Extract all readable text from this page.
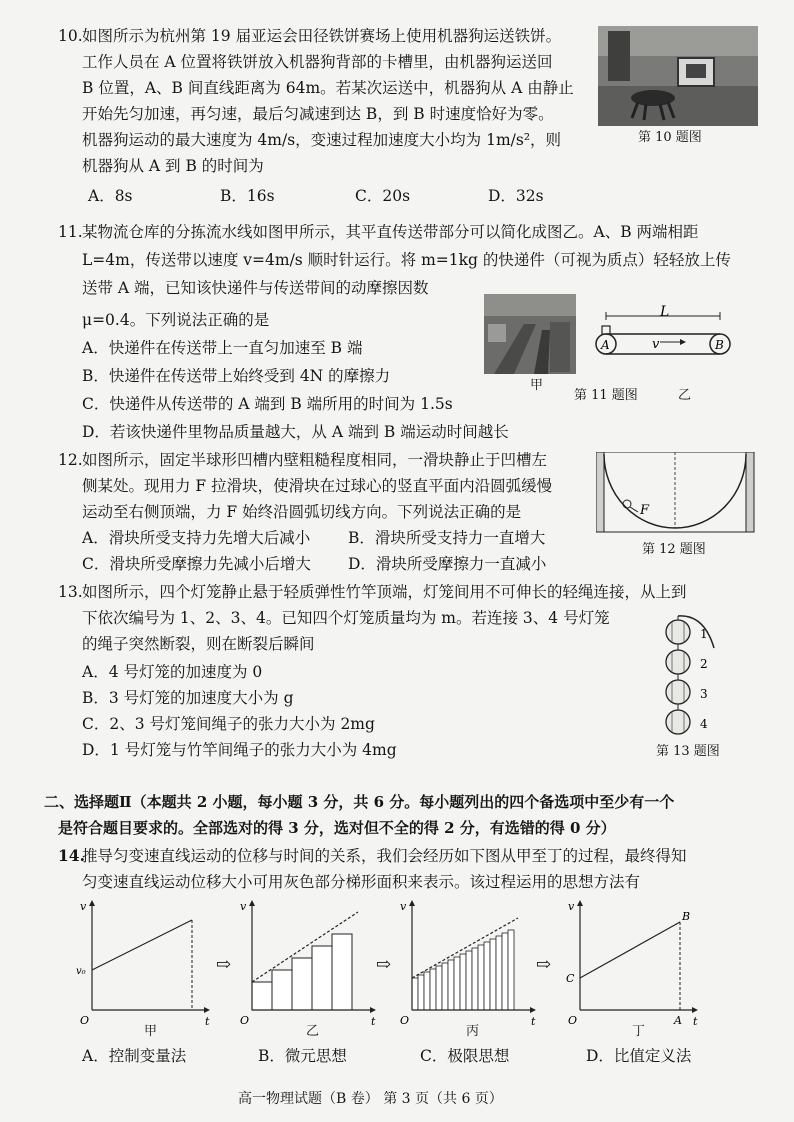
10. 如图所示为杭州第 19 届亚运会田径铁饼赛场上使用机器狗运送铁饼。
工作人员在 A 位置将铁饼放入机器狗背部的卡槽里，由机器狗运送回
B 位置，A、B 间直线距离为 64m。若某次运送中，机器狗从 A 由静止
开始先匀加速，再匀速，最后匀减速到达 B，到 B 时速度恰好为零。
机器狗运动的最大速度为 4m/s，变速过程加速度大小均为 1m/s²，则
机器狗从 A 到 B 的时间为
第 10 题图
A．8s	B．16s	C．20s	D．32s
11. 某物流仓库的分拣流水线如图甲所示，其平直传送带部分可以简化成图乙。A、B 两端相距
L=4m，传送带以速度 v=4m/s 顺时针运行。将 m=1kg 的快递件（可视为质点）轻轻放上传
送带 A 端，已知该快递件与传送带间的动摩擦因数
μ=0.4。下列说法正确的是
A．快递件在传送带上一直匀加速至 B 端
B．快递件在传送带上始终受到 4N 的摩擦力
C．快递件从传送带的 A 端到 B 端所用的时间为 1.5s
D．若该快递件里物品质量越大，从 A 端到 B 端运动时间越长
甲
第 11 题图	乙
L
A	B
v
12. 如图所示，固定半球形凹槽内壁粗糙程度相同，一滑块静止于凹槽左
侧某处。现用力 F 拉滑块，使滑块在过球心的竖直平面内沿圆弧缓慢
运动至右侧顶端，力 F 始终沿圆弧切线方向。下列说法正确的是
A．滑块所受支持力先增大后减小 B．滑块所受支持力一直增大
C．滑块所受摩擦力先减小后增大 D．滑块所受摩擦力一直减小
F
第 12 题图
13. 如图所示，四个灯笼静止悬于轻质弹性竹竿顶端，灯笼间用不可伸长的轻绳连接，从上到
下依次编号为 1、2、3、4。已知四个灯笼质量均为 m。若连接 3、4 号灯笼
的绳子突然断裂，则在断裂后瞬间
A．4 号灯笼的加速度为 0
B．3 号灯笼的加速度大小为 g
C．2、3 号灯笼间绳子的张力大小为 2mg
D．1 号灯笼与竹竿间绳子的张力大小为 4mg
1
2
3
4
第 13 题图
二、选择题Ⅱ（本题共 2 小题，每小题 3 分，共 6 分。每小题列出的四个备选项中至少有一个
是符合题目要求的。全部选对的得 3 分，选对但不全的得 2 分，有选错的得 0 分）
14.
推导匀变速直线运动的位移与时间的关系，我们会经历如下图从甲至丁的过程，最终得知
匀变速直线运动位移大小可用灰色部分梯形面积来表示。该过程运用的思想方法有
v
t
O
v₀
甲
⇨
v
t
O
乙
⇨
v
t
O
丙
⇨
v
t
O
C
A
B
丁
A．控制变量法	B．微元思想	C．极限思想	D．比值定义法
高一物理试题（B 卷） 第 3 页（共 6 页）
